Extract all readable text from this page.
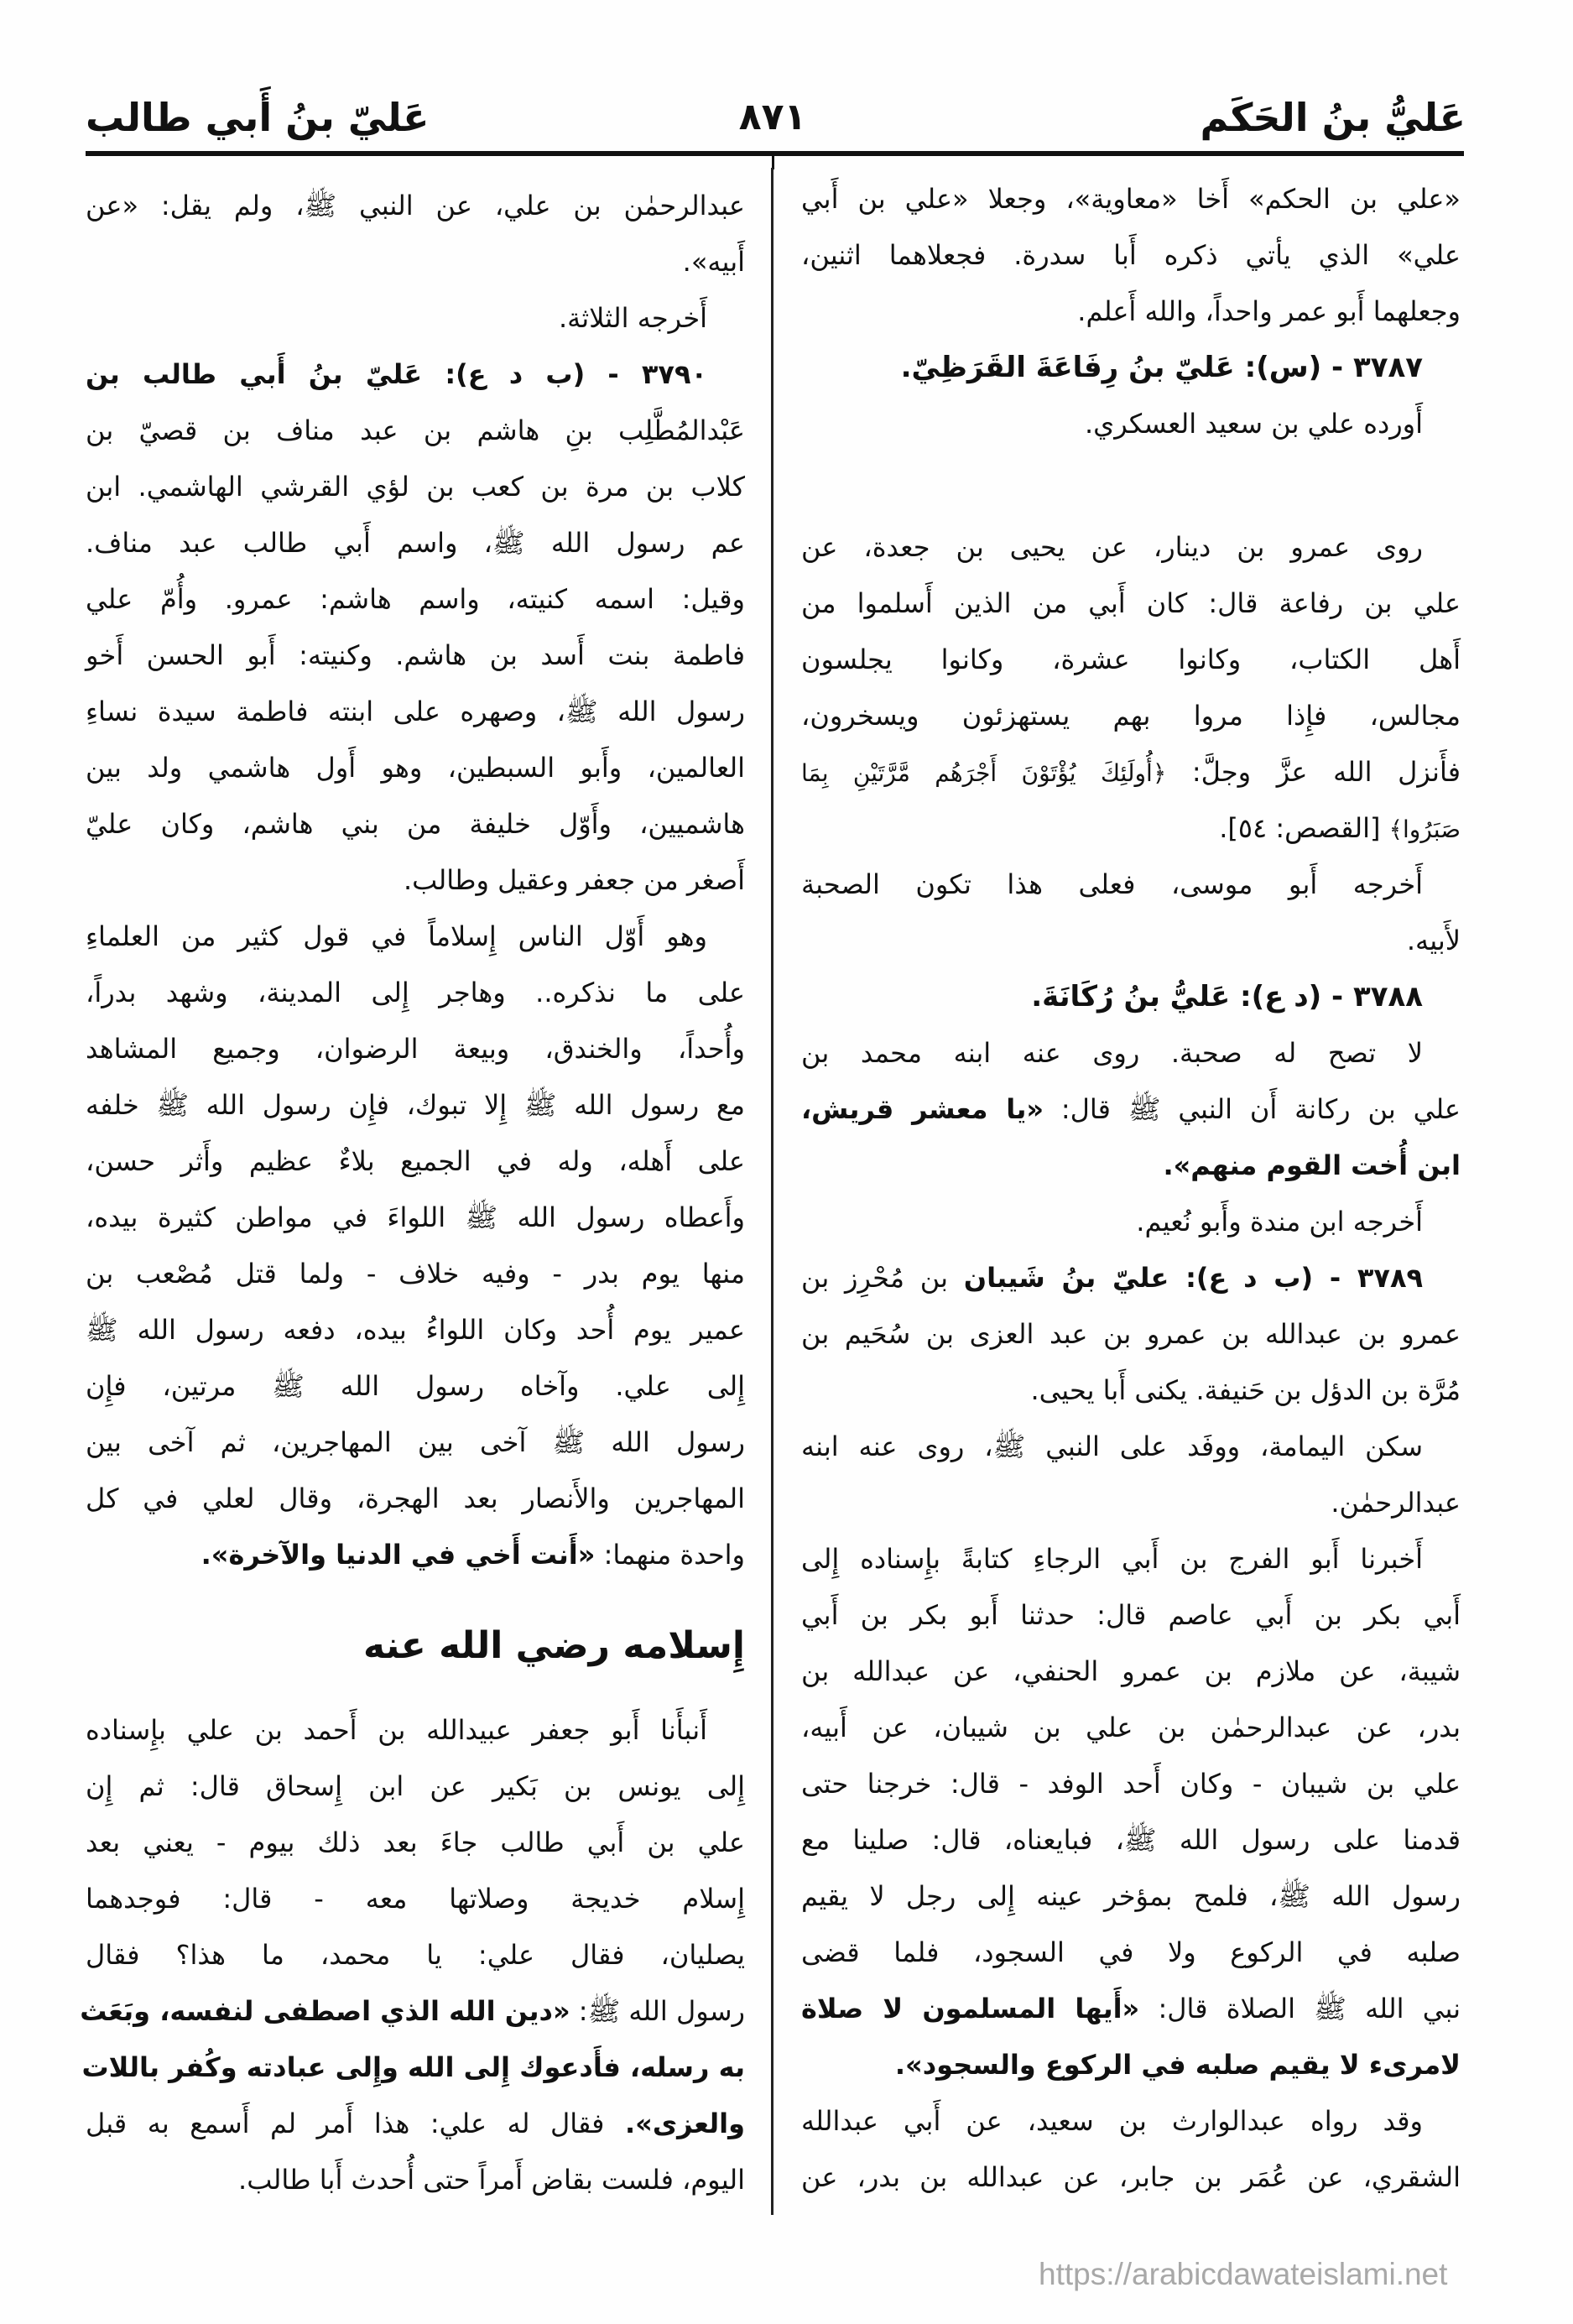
عَليُّ بنُ الحَكَم
٨٧١
عَليّ بنُ أَبي طالب
«علي بن الحكم» أَخا «معاوية»، وجعلا «علي بن أَبي
علي» الذي يأتي ذكره أَبا سدرة. فجعلاهما اثنين،
وجعلهما أَبو عمر واحداً، والله أَعلم.
٣٧٨٧ - (س): عَليّ بنُ رِفَاعَةَ القَرَظِيّ.
أَورده علي بن سعيد العسكري.
روى عمرو بن دينار، عن يحيى بن جعدة، عن
علي بن رفاعة قال: كان أَبي من الذين أَسلموا من
أَهل الكتاب، وكانوا عشرة، وكانوا يجلسون
مجالس، فإِذا مروا بهم يستهزئون ويسخرون،
فأَنزل الله عزَّ وجلَّ: ﴿أُولَئِكَ يُؤْتَوْنَ أَجْرَهُم مَّرَّتَيْنِ بِمَا
صَبَرُوا﴾ [القصص: ٥٤].
أَخرجه أَبو موسى، فعلى هذا تكون الصحبة
لأَبيه.
٣٧٨٨ - (د ع): عَليُّ بنُ رُكَانَةَ.
لا تصح له صحبة. روى عنه ابنه محمد بن
علي بن ركانة أَن النبي ﷺ قال: «يا معشر قريش،
ابن أُخت القوم منهم».
أَخرجه ابن مندة وأَبو نُعيم.
٣٧٨٩ - (ب د ع): عليّ بنُ شَيبان بن مُحْرِز بن
عمرو بن عبدالله بن عمرو بن عبد العزى بن سُحَيم بن
مُرَّة بن الدؤل بن حَنيفة. يكنى أَبا يحيى.
سكن اليمامة، ووفَد على النبي ﷺ، روى عنه ابنه
عبدالرحمٰن.
أَخبرنا أَبو الفرج بن أَبي الرجاءِ كتابةً بإِسناده إِلى
أَبي بكر بن أَبي عاصم قال: حدثنا أَبو بكر بن أَبي
شيبة، عن ملازم بن عمرو الحنفي، عن عبدالله بن
بدر، عن عبدالرحمٰن بن علي بن شيبان، عن أَبيه،
علي بن شيبان - وكان أَحد الوفد - قال: خرجنا حتى
قدمنا على رسول الله ﷺ، فبايعناه، قال: صلينا مع
رسول الله ﷺ، فلمح بمؤخر عينه إِلى رجل لا يقيم
صلبه في الركوع ولا في السجود، فلما قضى
نبي الله ﷺ الصلاة قال: «أَيها المسلمون لا صلاة
لامرىء لا يقيم صلبه في الركوع والسجود».
وقد رواه عبدالوارث بن سعيد، عن أَبي عبدالله
الشقري، عن عُمَر بن جابر، عن عبدالله بن بدر، عن
عبدالرحمٰن بن علي، عن النبي ﷺ، ولم يقل: «عن
أَبيه».
أَخرجه الثلاثة.
٣٧٩٠ - (ب د ع): عَليّ بنُ أَبي طالب بن
عَبْدالمُطَّلِب بنِ هاشم بن عبد مناف بن قصيّ بن
كلاب بن مرة بن كعب بن لؤي القرشي الهاشمي. ابن
عم رسول الله ﷺ، واسم أَبي طالب عبد مناف.
وقيل: اسمه كنيته، واسم هاشم: عمرو. وأُمّ علي
فاطمة بنت أَسد بن هاشم. وكنيته: أَبو الحسن أَخو
رسول الله ﷺ، وصهره على ابنته فاطمة سيدة نساءِ
العالمين، وأَبو السبطين، وهو أَول هاشمي ولد بين
هاشميين، وأَوّل خليفة من بني هاشم، وكان عليّ
أَصغر من جعفر وعقيل وطالب.
وهو أَوّل الناس إِسلاماً في قول كثير من العلماءِ
على ما نذكره.. وهاجر إِلى المدينة، وشهد بدراً،
وأُحداً، والخندق، وبيعة الرضوان، وجميع المشاهد
مع رسول الله ﷺ إِلا تبوك، فإِن رسول الله ﷺ خلفه
على أَهله، وله في الجميع بلاءٌ عظيم وأَثر حسن،
وأَعطاه رسول الله ﷺ اللواءَ في مواطن كثيرة بيده،
منها يوم بدر - وفيه خلاف - ولما قتل مُصْعب بن
عمير يوم أُحد وكان اللواءُ بيده، دفعه رسول الله ﷺ
إِلى علي. وآخاه رسول الله ﷺ مرتين، فإِن
رسول الله ﷺ آخى بين المهاجرين، ثم آخى بين
المهاجرين والأَنصار بعد الهجرة، وقال لعلي في كل
واحدة منهما: «أَنت أَخي في الدنيا والآخرة».
إِسلامه رضي الله عنه
أَنبأَنا أَبو جعفر عبيدالله بن أَحمد بن علي بإِسناده
إِلى يونس بن بَكير عن ابن إِسحاق قال: ثم إِن
علي بن أَبي طالب جاءَ بعد ذلك بيوم - يعني بعد
إِسلام خديجة وصلاتها معه - قال: فوجدهما
يصليان، فقال علي: يا محمد، ما هذا؟ فقال
رسول الله ﷺ: «دين الله الذي اصطفى لنفسه، وبَعَث
به رسله، فأَدعوك إِلى الله وإِلى عبادته وكُفر باللات
والعزى». فقال له علي: هذا أَمر لم أَسمع به قبل
اليوم، فلست بقاض أَمراً حتى أُحدث أَبا طالب.
https://arabicdawateislami.net
